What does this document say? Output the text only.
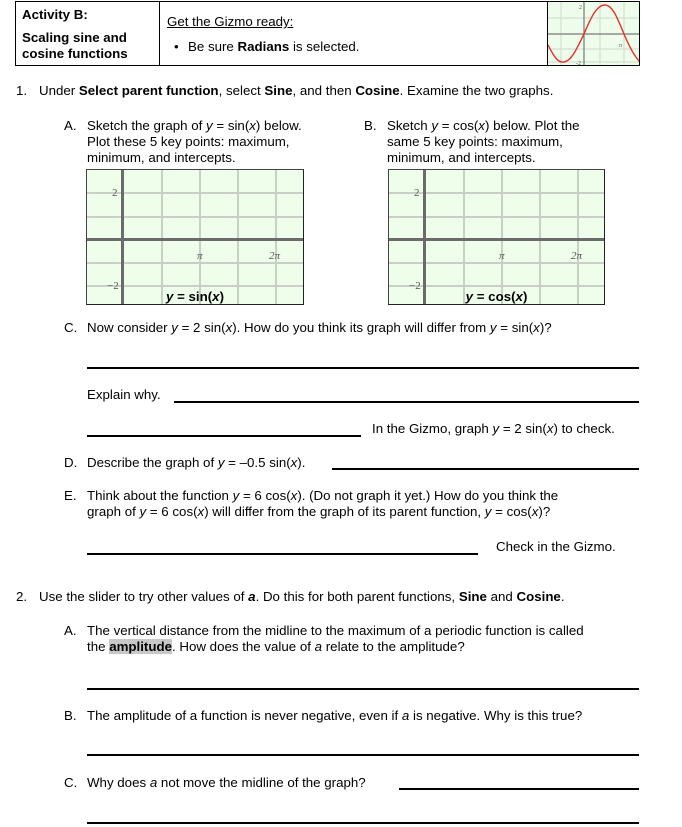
Activity B:
Scaling sine and cosine functions
Get the Gizmo ready:
• Be sure Radians is selected.
2
π
-2
1. Under Select parent function, select Sine, and then Cosine. Examine the two graphs.
A. Sketch the graph of y = sin(x) below.
Plot these 5 key points: maximum,
minimum, and intercepts.
B. Sketch y = cos(x) below. Plot the
same 5 key points: maximum,
minimum, and intercepts.
2
−2
π	2π
y = sin(x)
2
−2
π	2π
y = cos(x)
C. Now consider y = 2 sin(x). How do you think its graph will differ from y = sin(x)?
Explain why.
In the Gizmo, graph y = 2 sin(x) to check.
D. Describe the graph of y = –0.5 sin(x).
E. Think about the function y = 6 cos(x). (Do not graph it yet.) How do you think the
graph of y = 6 cos(x) will differ from the graph of its parent function, y = cos(x)?
Check in the Gizmo.
2. Use the slider to try other values of a. Do this for both parent functions, Sine and Cosine.
A. The vertical distance from the midline to the maximum of a periodic function is called
the amplitude. How does the value of a relate to the amplitude?
B. The amplitude of a function is never negative, even if a is negative. Why is this true?
C. Why does a not move the midline of the graph?
